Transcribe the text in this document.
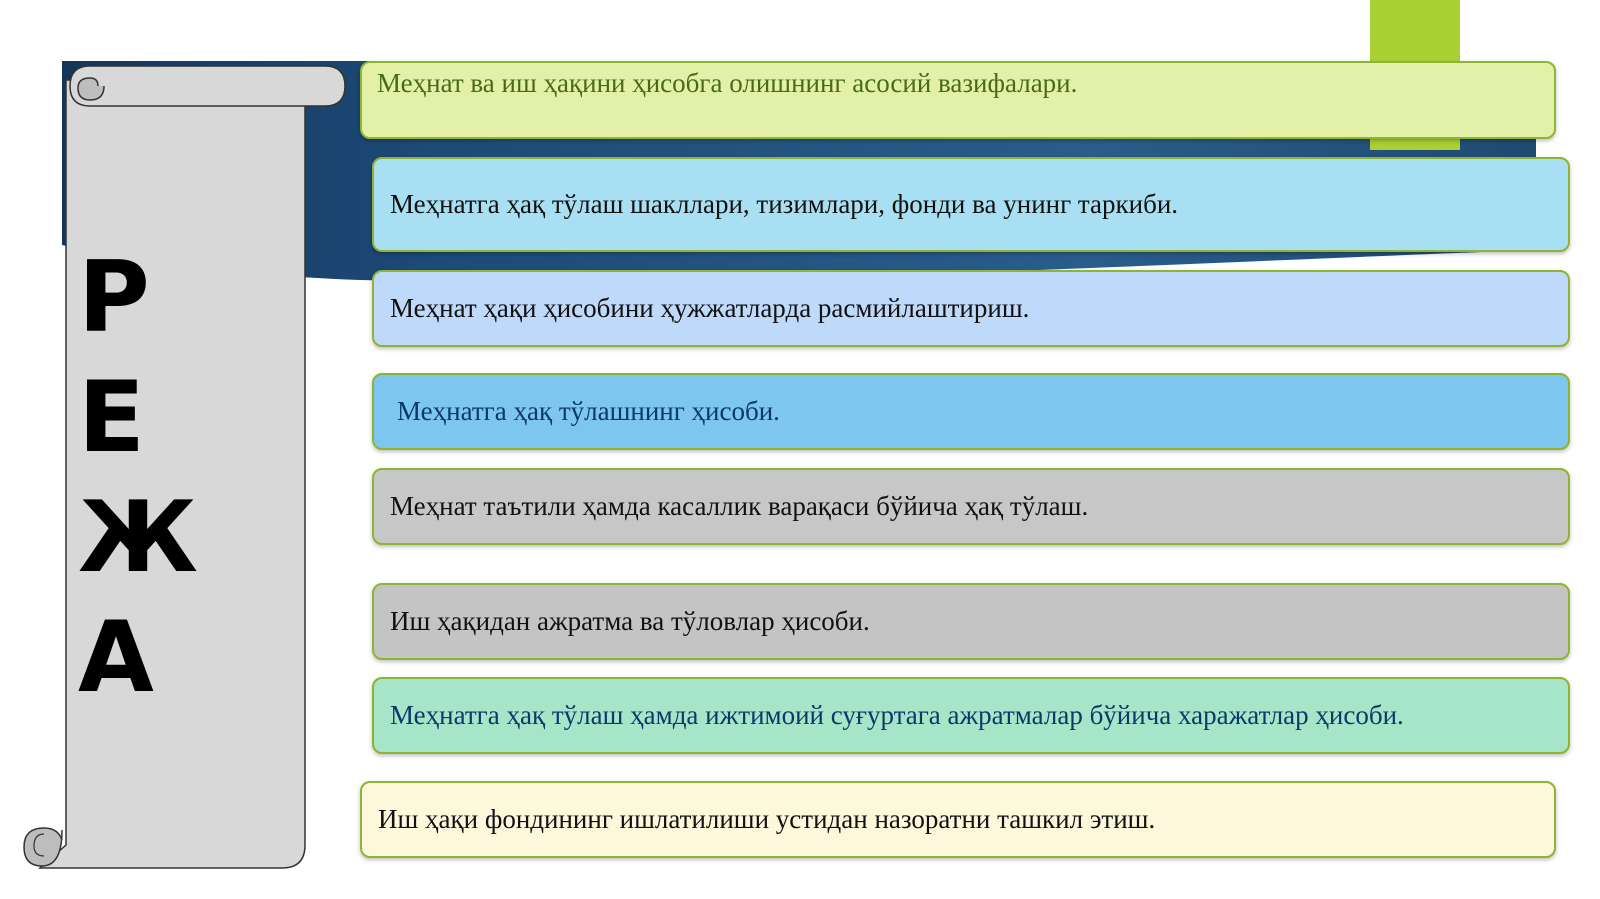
Р
Е
Ж
А
Меҳнат ва иш ҳақини ҳисобга олишнинг асосий вазифалари.
Меҳнатга ҳақ тўлаш шакллари, тизимлари, фонди ва унинг таркиби.
Меҳнат ҳақи ҳисобини ҳужжатларда расмийлаштириш.
Меҳнатга ҳақ тўлашнинг ҳисоби.
Меҳнат таътили ҳамда касаллик варақаси бўйича ҳақ тўлаш.
Иш ҳақидан ажратма ва тўловлар ҳисоби.
Меҳнатга ҳақ тўлаш ҳамда ижтимоий суғуртага ажратмалар бўйича харажатлар ҳисоби.
Иш ҳақи фондининг ишлатилиши устидан назоратни ташкил этиш.
